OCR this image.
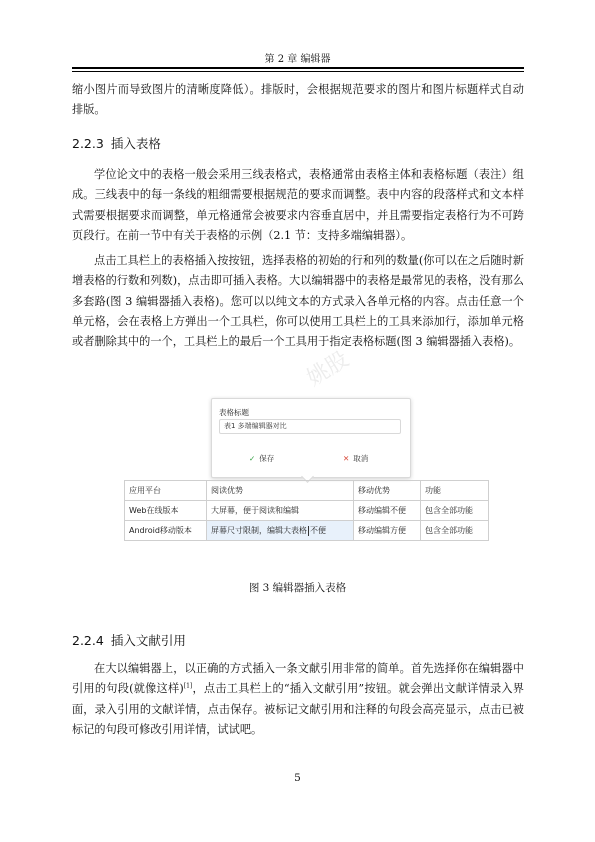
第 2 章 编辑器

缩小图片而导致图片的清晰度降低）。排版时，会根据规范要求的图片和图片标题样式自动排版。

2.2.3 插入表格

学位论文中的表格一般会采用三线表格式，表格通常由表格主体和表格标题（表注）组成。三线表中的每一条线的粗细需要根据规范的要求而调整。表中内容的段落样式和文本样式需要根据要求而调整，单元格通常会被要求内容垂直居中，并且需要指定表格行为不可跨页段行。在前一节中有关于表格的示例（2.1 节：支持多端编辑器）。

点击工具栏上的表格插入按按钮，选择表格的初始的行和列的数量(你可以在之后随时新增表格的行数和列数)，点击即可插入表格。大以编辑器中的表格是最常见的表格，没有那么多套路(图 3 编辑器插入表格)。您可以以纯文本的方式录入各单元格的内容。点击任意一个单元格，会在表格上方弹出一个工具栏，你可以使用工具栏上的工具来添加行，添加单元格或者删除其中的一个，工具栏上的最后一个工具用于指定表格标题(图 3 编辑器插入表格)。

姚股
表格标题
表1 多端编辑器对比
✓ 保存	✕ 取消
应用平台	阅读优势	移动优势	功能
Web在线版本	大屏幕，便于阅读和编辑	移动编辑不便	包含全部功能
Android移动版本	屏幕尺寸限制，编辑大表格 不便	移动编辑方便	包含全部功能
图 3 编辑器插入表格
2.2.4 插入文献引用

在大以编辑器上，以正确的方式插入一条文献引用非常的简单。首先选择你在编辑器中引用的句段(就像这样)[1]，点击工具栏上的“插入文献引用”按钮。就会弹出文献详情录入界面，录入引用的文献详情，点击保存。被标记文献引用和注释的句段会高亮显示，点击已被标记的句段可修改引用详情，试试吧。

5
